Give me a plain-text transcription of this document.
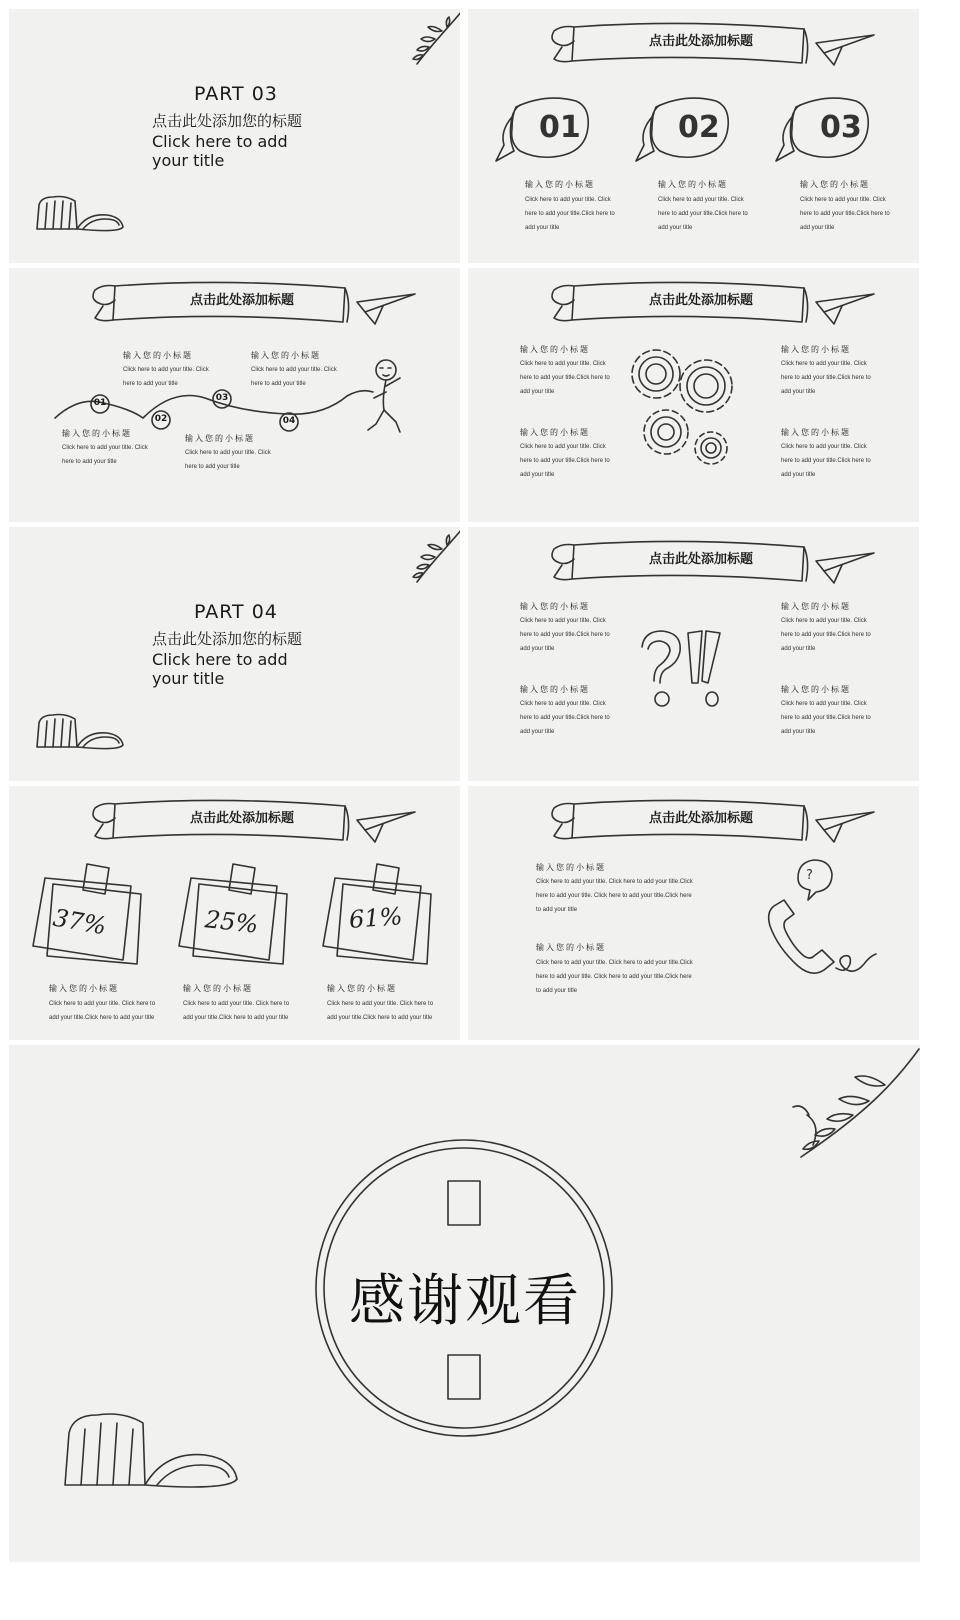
PART 03
点击此处添加您的标题
Click here to add your title
点击此处添加标题
01	02	03
输入您的小标题
Click here to add your title. Click here to add your title.Click here to add your title
输入您的小标题
Click here to add your title. Click here to add your title.Click here to add your title
输入您的小标题
Click here to add your title. Click here to add your title.Click here to add your title
点击此处添加标题
01
02
03
04
输入您的小标题
Click here to add your title. Click here to add your title
输入您的小标题
Click here to add your title. Click here to add your title
输入您的小标题
Click here to add your title. Click here to add your title
输入您的小标题
Click here to add your title. Click here to add your title
点击此处添加标题
输入您的小标题
Click here to add your title. Click here to add your title.Click here to add your title
输入您的小标题
Click here to add your title. Click here to add your title.Click here to add your title
输入您的小标题
Click here to add your title. Click here to add your title.Click here to add your title
输入您的小标题
Click here to add your title. Click here to add your title.Click here to add your title
PART 04
点击此处添加您的标题
Click here to add your title
点击此处添加标题
输入您的小标题
Click here to add your title. Click here to add your title.Click here to add your title
输入您的小标题
Click here to add your title. Click here to add your title.Click here to add your title
输入您的小标题
Click here to add your title. Click here to add your title.Click here to add your title
输入您的小标题
Click here to add your title. Click here to add your title.Click here to add your title
点击此处添加标题
37%	25%	61%
输入您的小标题
Click here to add your title. Click here to add your title.Click here to add your title
输入您的小标题
Click here to add your title. Click here to add your title.Click here to add your title
输入您的小标题
Click here to add your title. Click here to add your title.Click here to add your title
点击此处添加标题
?
输入您的小标题
Click here to add your title. Click here to add your title.Click here to add your title. Click here to add your title.Click here to add your title
输入您的小标题
Click here to add your title. Click here to add your title.Click here to add your title. Click here to add your title.Click here to add your title
感谢观看
